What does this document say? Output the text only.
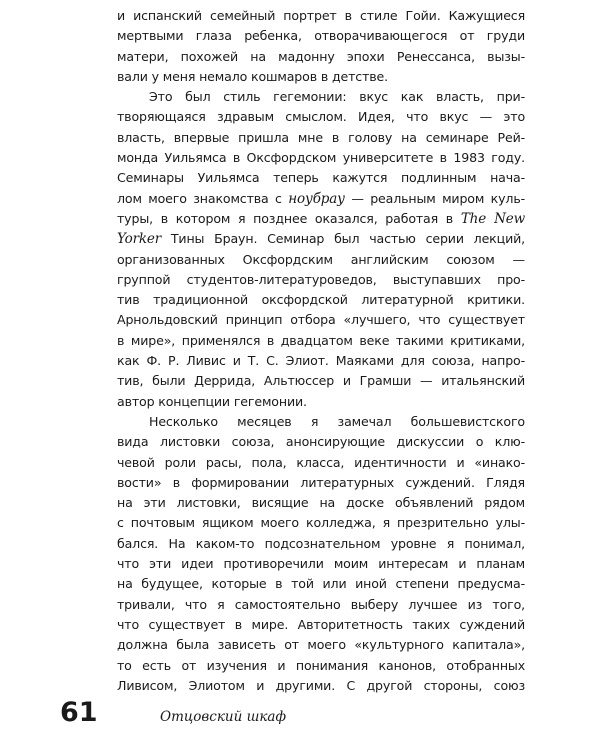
и испанский семейный портрет в стиле Гойи. Кажущиеся
мертвыми глаза ребенка, отворачивающегося от груди
матери, похожей на мадонну эпохи Ренессанса, вызы-
вали у меня немало кошмаров в детстве.
Это был стиль гегемонии: вкус как власть, при-
творяющаяся здравым смыслом. Идея, что вкус — это
власть, впервые пришла мне в голову на семинаре Рей-
монда Уильямса в Оксфордском университете в 1983 году.
Семинары Уильямса теперь кажутся подлинным нача-
лом моего знакомства с ноубрау — реальным миром куль-
туры, в котором я позднее оказался, работая в The New
Yorker Тины Браун. Семинар был частью серии лекций,
организованных Оксфордским английским союзом —
группой студентов-литературоведов, выступавших про-
тив традиционной оксфордской литературной критики.
Арнольдовский принцип отбора «лучшего, что существует
в мире», применялся в двадцатом веке такими критиками,
как Ф. Р. Ливис и Т. С. Элиот. Маяками для союза, напро-
тив, были Деррида, Альтюссер и Грамши — итальянский
автор концепции гегемонии.
Несколько месяцев я замечал большевистского
вида листовки союза, анонсирующие дискуссии о клю-
чевой роли расы, пола, класса, идентичности и «инако-
вости» в формировании литературных суждений. Глядя
на эти листовки, висящие на доске объявлений рядом
с почтовым ящиком моего колледжа, я презрительно улы-
бался. На каком-то подсознательном уровне я понимал,
что эти идеи противоречили моим интересам и планам
на будущее, которые в той или иной степени предусма-
тривали, что я самостоятельно выберу лучшее из того,
что существует в мире. Авторитетность таких суждений
должна была зависеть от моего «культурного капитала»,
то есть от изучения и понимания канонов, отобранных
Ливисом, Элиотом и другими. С другой стороны, союз
61	Отцовский шкаф
